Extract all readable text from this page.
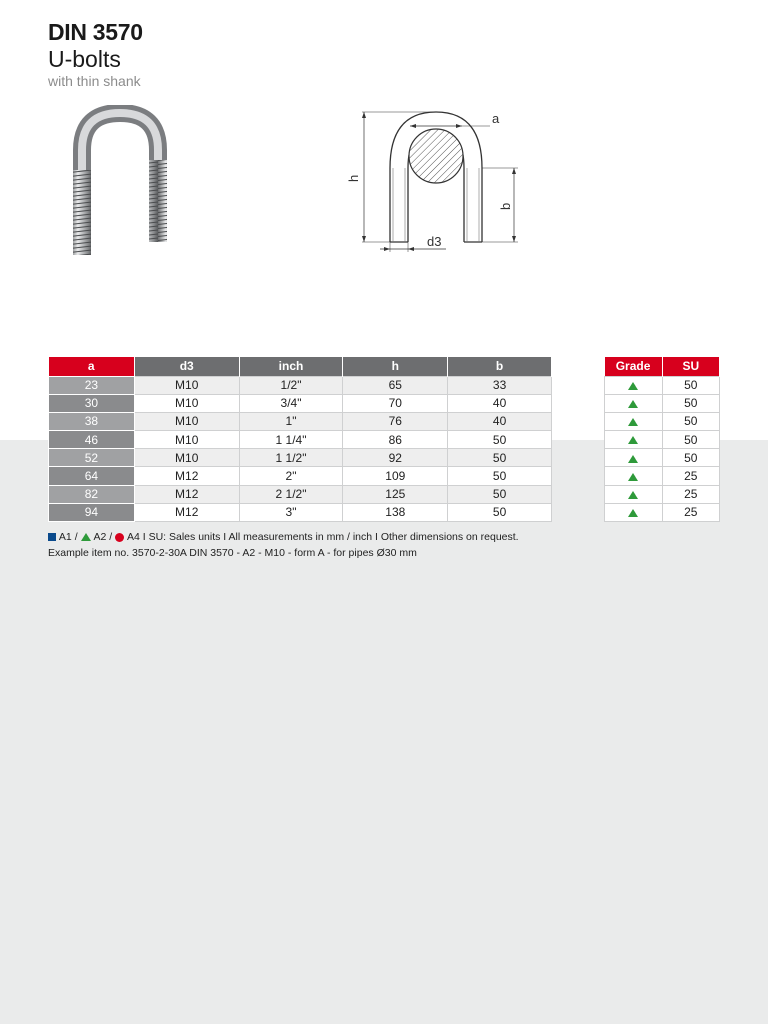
DIN 3570
U-bolts
with thin shank
a
h
b
d3
a	d3	inch	h	b
23	M10	1/2"	65	33
30	M10	3/4"	70	40
38	M10	1"	76	40
46	M10	1 1/4"	86	50
52	M10	1 1/2"	92	50
64	M12	2"	109	50
82	M12	2 1/2"	125	50
94	M12	3"	138	50
Grade	SU
	50
	50
	50
	50
	50
	25
	25
	25
A1 / A2 / A4 I SU: Sales units I All measurements in mm / inch I Other dimensions on request.
Example item no. 3570-2-30A DIN 3570 - A2 - M10 - form A - for pipes Ø30 mm
